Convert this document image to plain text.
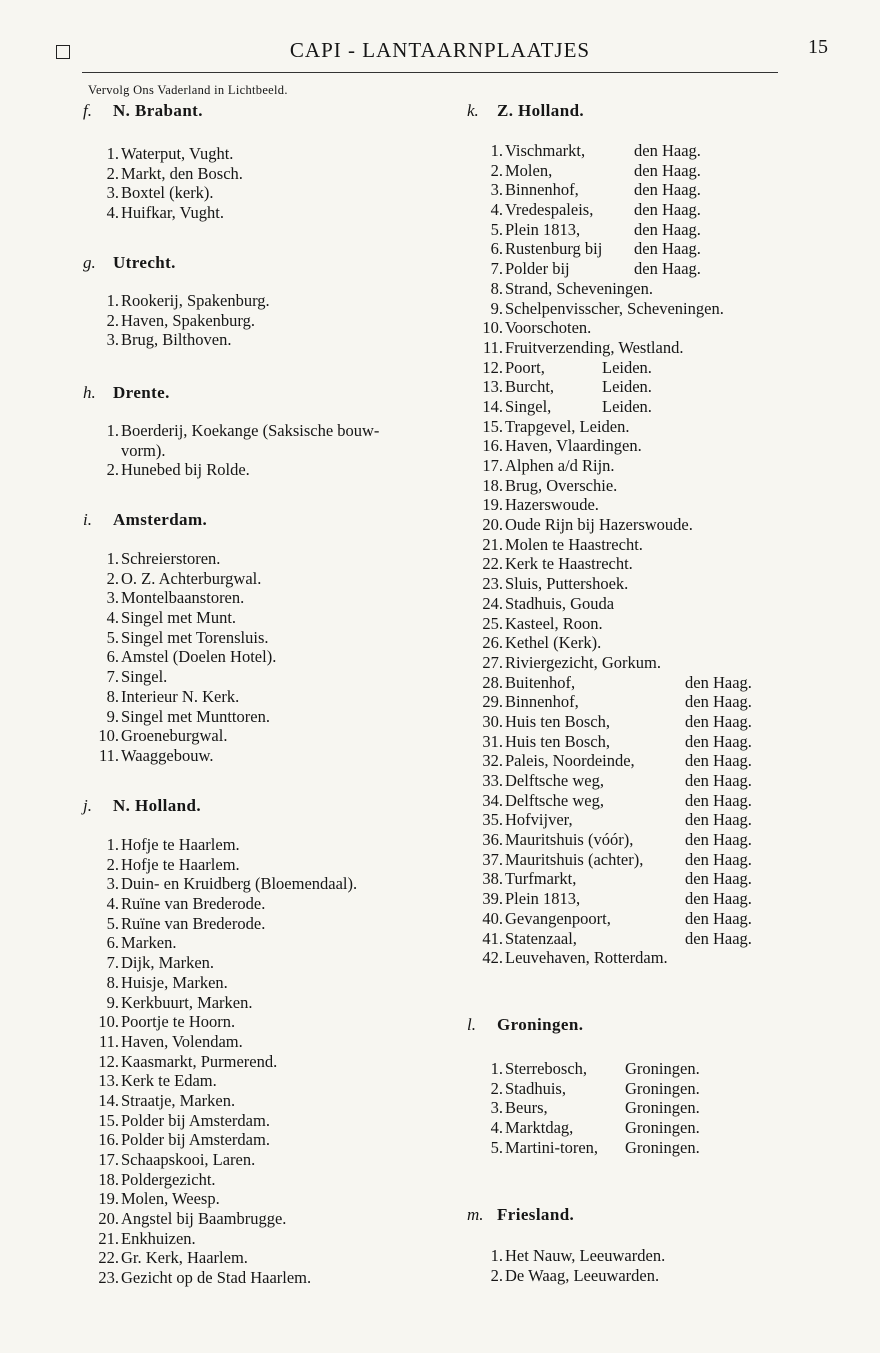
CAPI - LANTAARNPLAATJES	15
Vervolg Ons Vaderland in Lichtbeeld.
f. N. Brabant.
1. Waterput, Vught.
2. Markt, den Bosch.
3. Boxtel (kerk).
4. Huifkar, Vught.
g. Utrecht.
1. Rookerij, Spakenburg.
2. Haven, Spakenburg.
3. Brug, Bilthoven.
h. Drente.
1. Boerderij, Koekange (Saksische bouw-
vorm).
2. Hunebed bij Rolde.
i. Amsterdam.
1. Schreierstoren.
2. O. Z. Achterburgwal.
3. Montelbaanstoren.
4. Singel met Munt.
5. Singel met Torensluis.
6. Amstel (Doelen Hotel).
7. Singel.
8. Interieur N. Kerk.
9. Singel met Munttoren.
10. Groeneburgwal.
11. Waaggebouw.
j. N. Holland.
1. Hofje te Haarlem.
2. Hofje te Haarlem.
3. Duin- en Kruidberg (Bloemendaal).
4. Ruïne van Brederode.
5. Ruïne van Brederode.
6. Marken.
7. Dijk, Marken.
8. Huisje, Marken.
9. Kerkbuurt, Marken.
10. Poortje te Hoorn.
11. Haven, Volendam.
12. Kaasmarkt, Purmerend.
13. Kerk te Edam.
14. Straatje, Marken.
15. Polder bij Amsterdam.
16. Polder bij Amsterdam.
17. Schaapskooi, Laren.
18. Poldergezicht.
19. Molen, Weesp.
20. Angstel bij Baambrugge.
21. Enkhuizen.
22. Gr. Kerk, Haarlem.
23. Gezicht op de Stad Haarlem.
k. Z. Holland.
1. Vischmarkt,	den Haag.
2. Molen,	den Haag.
3. Binnenhof,	den Haag.
4. Vredespaleis, den Haag.
5. Plein 1813,	den Haag.
6. Rustenburg bij den Haag.
7. Polder bij	den Haag.
8. Strand, Scheveningen.
9. Schelpenvisscher, Scheveningen.
10. Voorschoten.
11. Fruitverzending, Westland.
12. Poort,	Leiden.
13. Burcht,	Leiden.
14. Singel,	Leiden.
15. Trapgevel, Leiden.
16. Haven, Vlaardingen.
17. Alphen a/d Rijn.
18. Brug, Overschie.
19. Hazerswoude.
20. Oude Rijn bij Hazerswoude.
21. Molen te Haastrecht.
22. Kerk te Haastrecht.
23. Sluis, Puttershoek.
24. Stadhuis, Gouda
25. Kasteel, Roon.
26. Kethel (Kerk).
27. Riviergezicht, Gorkum.
28. Buitenhof,	den Haag.
29. Binnenhof,	den Haag.
30. Huis ten Bosch,	den Haag.
31. Huis ten Bosch,	den Haag.
32. Paleis, Noordeinde,	den Haag.
33. Delftsche weg,	den Haag.
34. Delftsche weg,	den Haag.
35. Hofvijver,	den Haag.
36. Mauritshuis (vóór),	den Haag.
37. Mauritshuis (achter),	den Haag.
38. Turfmarkt,	den Haag.
39. Plein 1813,	den Haag.
40. Gevangenpoort,	den Haag.
41. Statenzaal,	den Haag.
42. Leuvehaven, Rotterdam.
l. Groningen.
1. Sterrebosch, Groningen.
2. Stadhuis,	Groningen.
3. Beurs,	Groningen.
4. Marktdag,	Groningen.
5. Martini-toren, Groningen.
m. Friesland.
1. Het Nauw, Leeuwarden.
2. De Waag, Leeuwarden.
